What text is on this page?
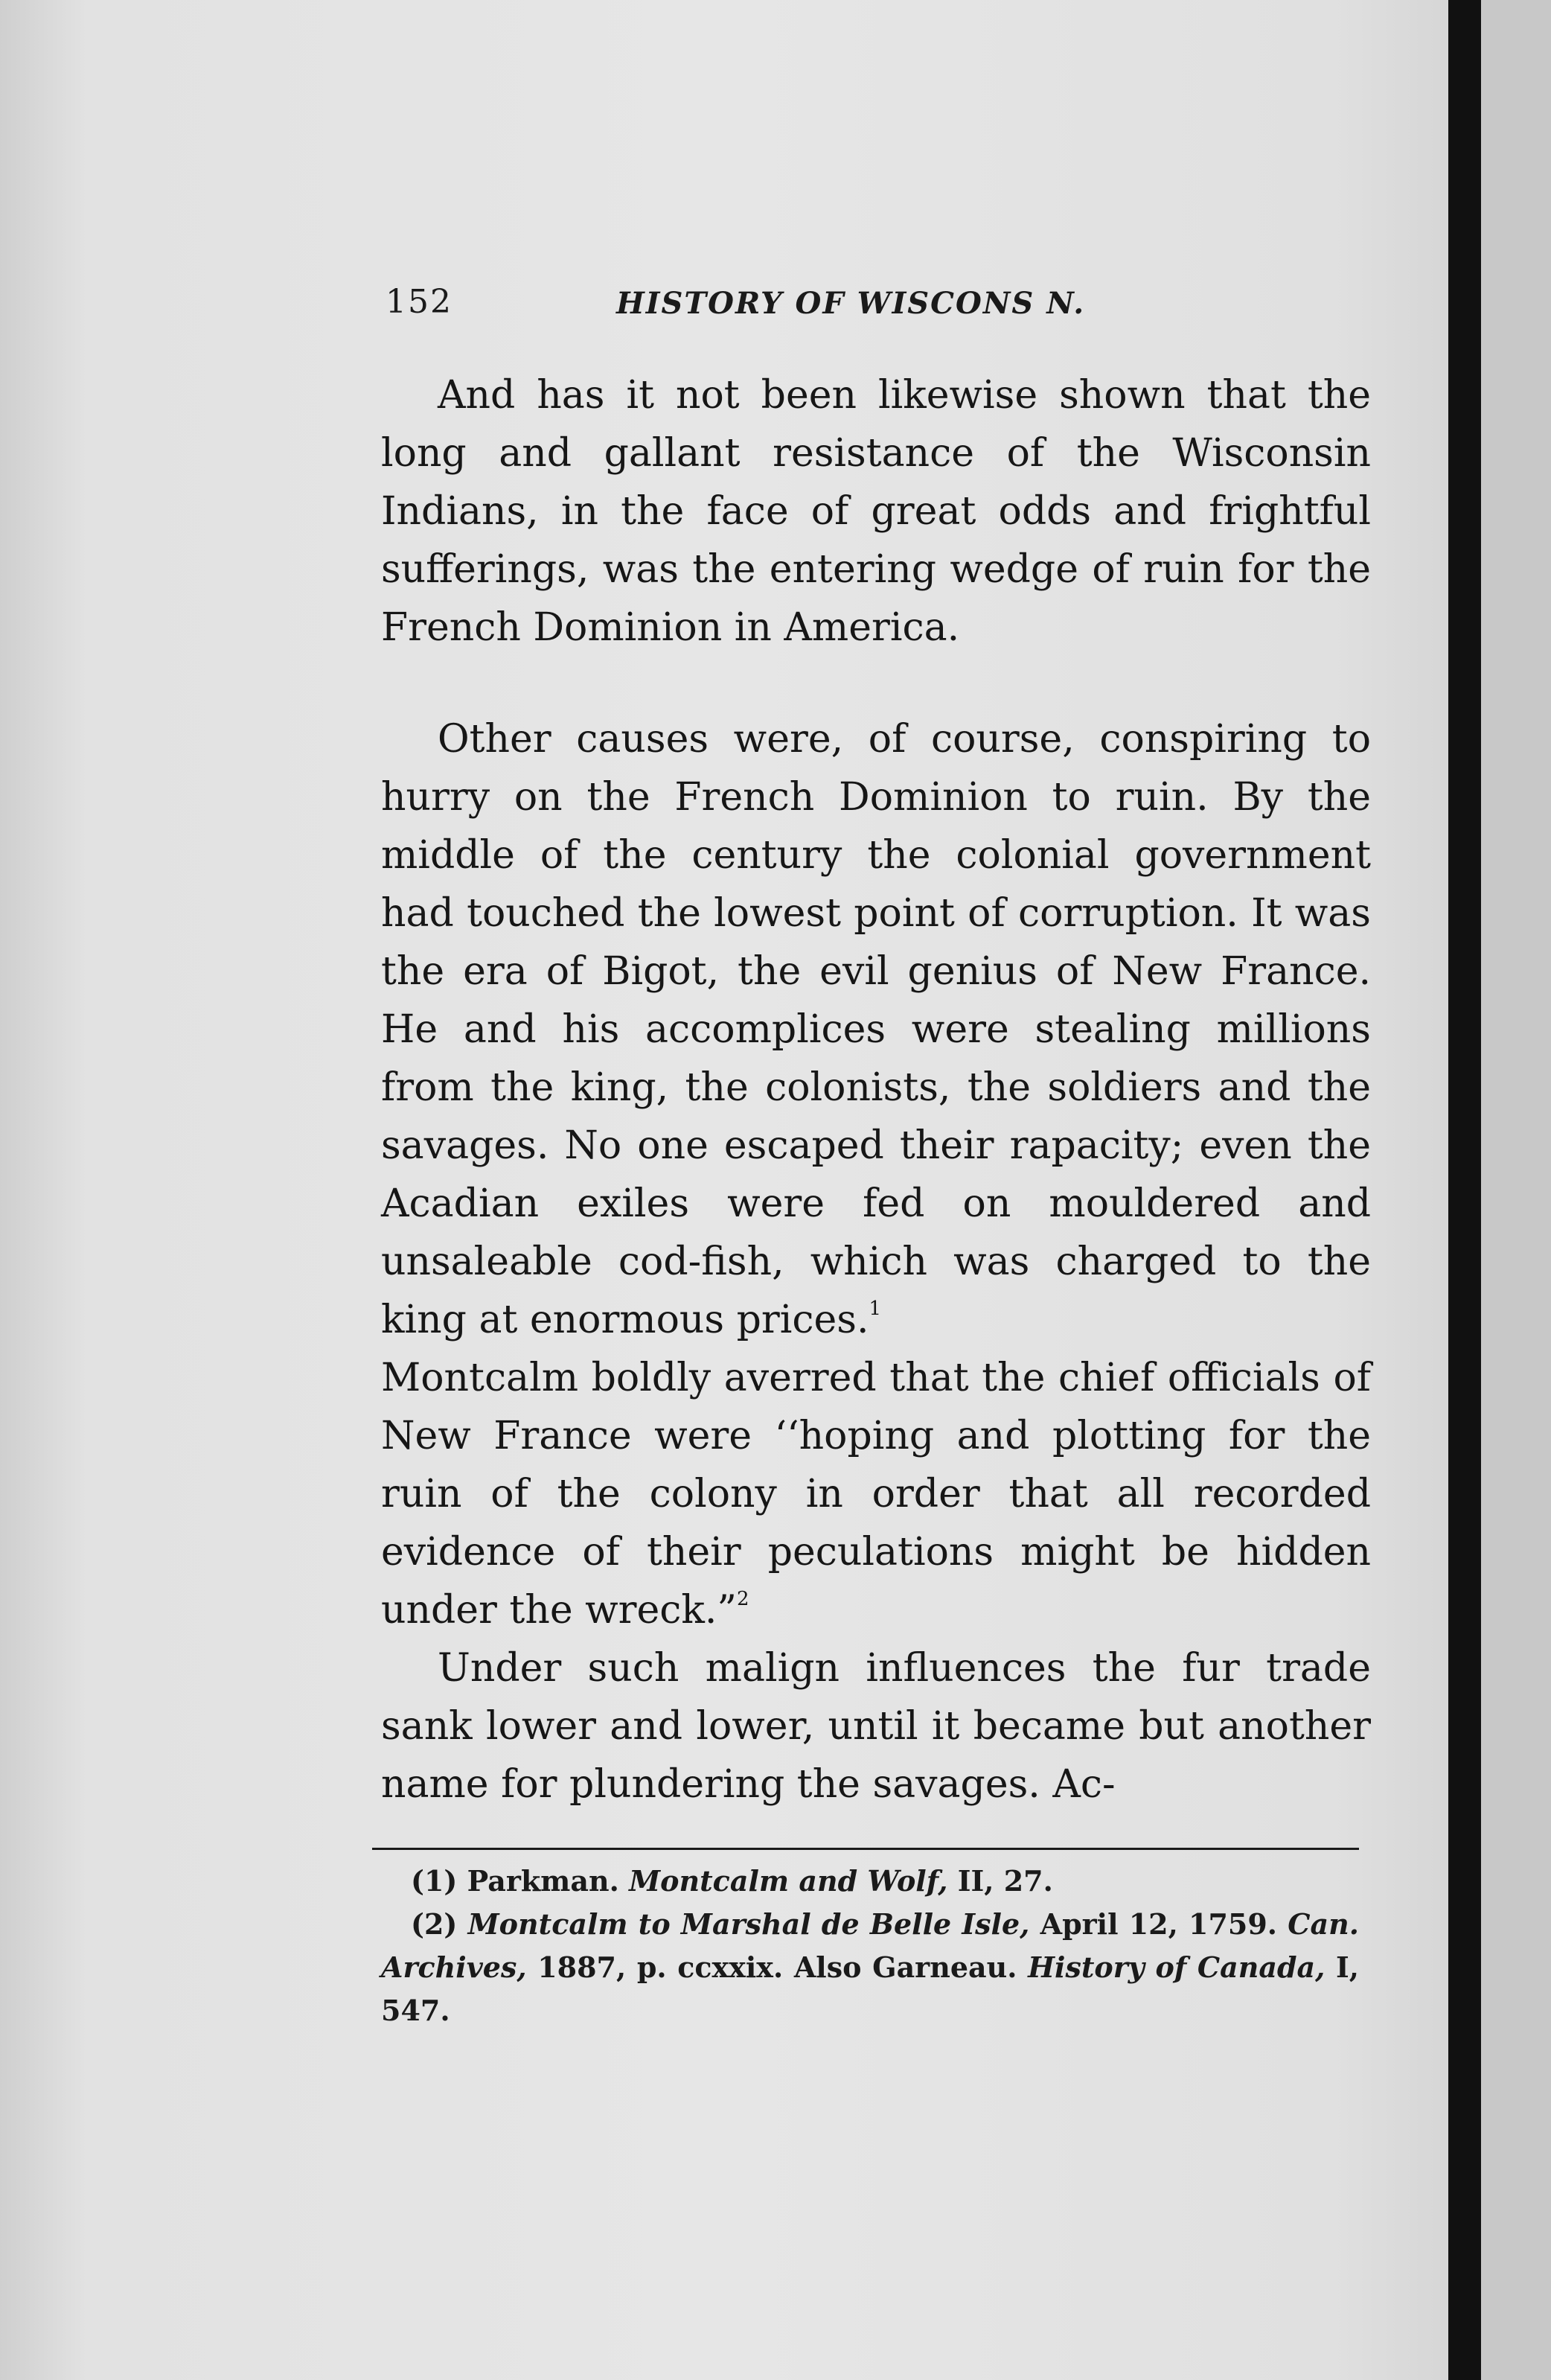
152	HISTORY OF WISCONS N.

And has it not been likewise shown that the long and gallant resistance of the Wisconsin Indians, in the face of great odds and frightful sufferings, was the entering wedge of ruin for the French Dominion in America.

Other causes were, of course, conspiring to hurry on the French Dominion to ruin. By the middle of the century the colonial government had touched the lowest point of corruption. It was the era of Bigot, the evil genius of New France. He and his accomplices were stealing millions from the king, the colonists, the soldiers and the savages. No one escaped their rapacity; even the Acadian exiles were fed on mouldered and unsaleable cod-fish, which was charged to the king at enormous prices.$^1$

Montcalm boldly averred that the chief officials of New France were ‘‘hoping and plotting for the ruin of the colony in order that all recorded evidence of their peculations might be hidden under the wreck.”$^2$

Under such malign influences the fur trade sank lower and lower, until it became but another name for plundering the savages. Ac-

(1) Parkman. Montcalm and Wolf, II, 27.

(2) Montcalm to Marshal de Belle Isle, April 12, 1759. Can. Archives, 1887, p. ccxxix. Also Garneau. History of Canada, I, 547.
